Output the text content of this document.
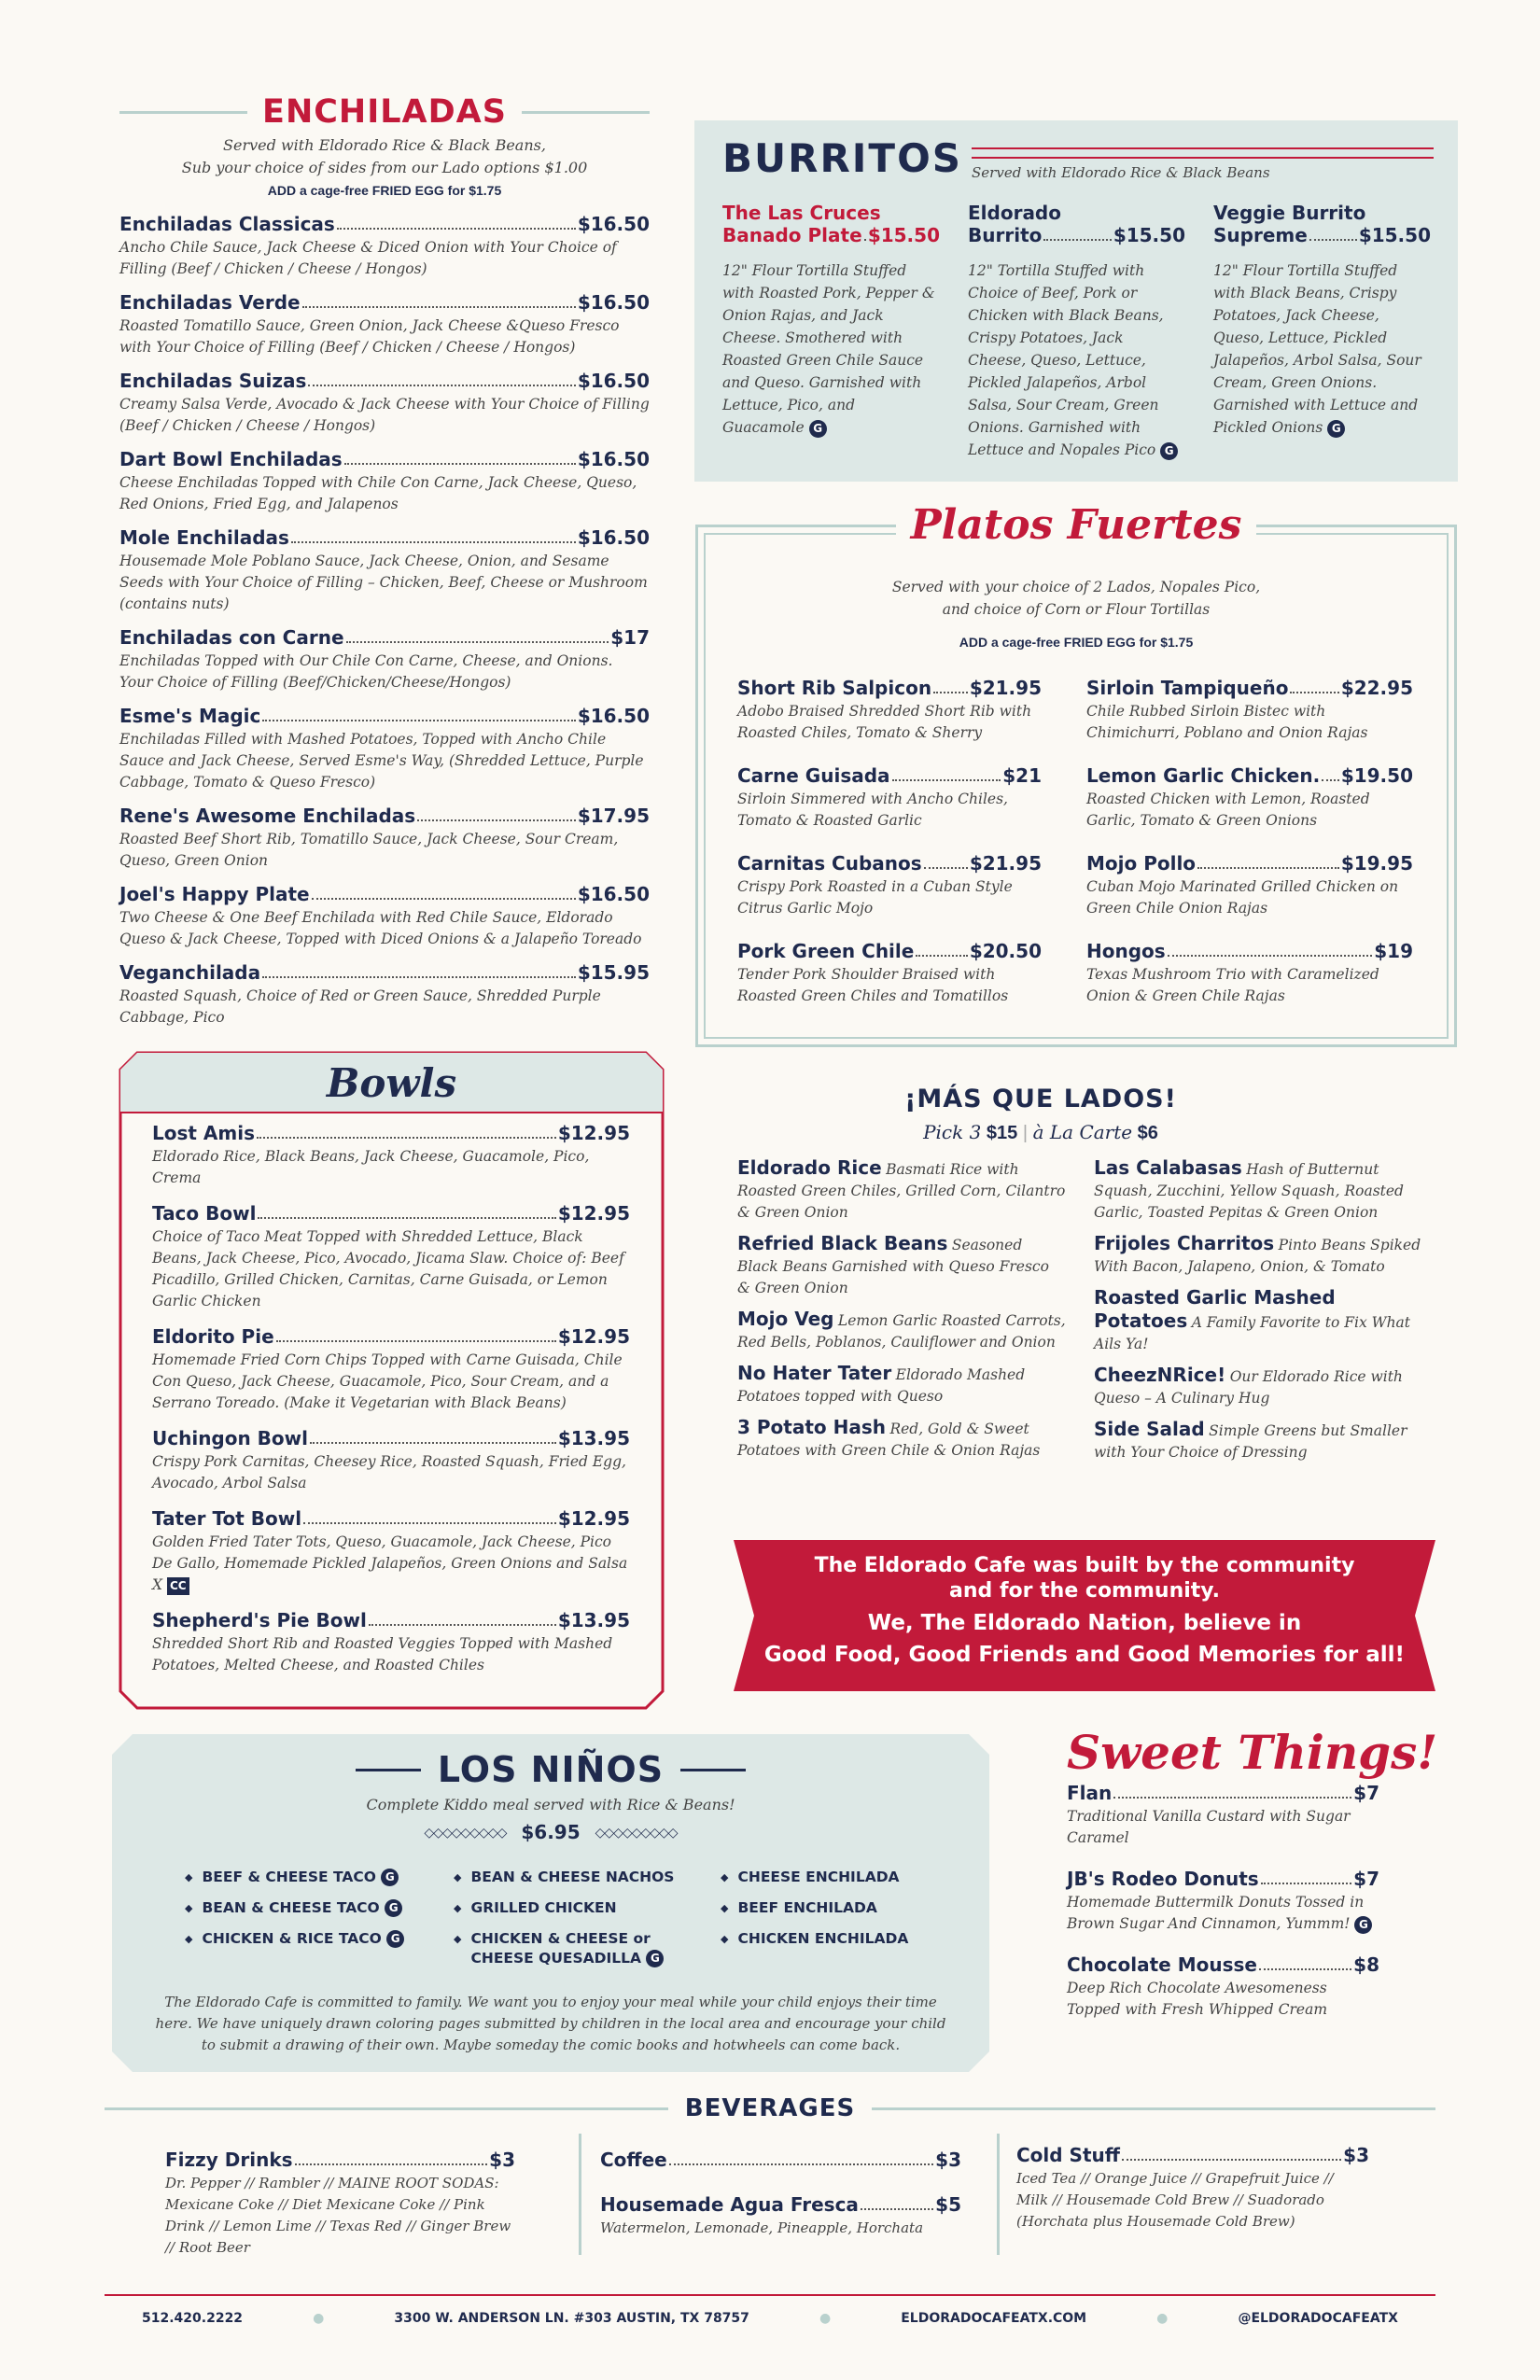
ENCHILADAS
Served with Eldorado Rice & Black Beans,
Sub your choice of sides from our Lado options $1.00
ADD a cage-free FRIED EGG for $1.75
Enchiladas Classicas	$16.50
Ancho Chile Sauce, Jack Cheese & Diced Onion with Your Choice of Filling (Beef / Chicken / Cheese / Hongos)
Enchiladas Verde	$16.50
Roasted Tomatillo Sauce, Green Onion, Jack Cheese &Queso Fresco with Your Choice of Filling (Beef / Chicken / Cheese / Hongos)
Enchiladas Suizas	$16.50
Creamy Salsa Verde, Avocado & Jack Cheese with Your Choice of Filling (Beef / Chicken / Cheese / Hongos)
Dart Bowl Enchiladas	$16.50
Cheese Enchiladas Topped with Chile Con Carne, Jack Cheese, Queso, Red Onions, Fried Egg, and Jalapenos
Mole Enchiladas	$16.50
Housemade Mole Poblano Sauce, Jack Cheese, Onion, and Sesame Seeds with Your Choice of Filling – Chicken, Beef, Cheese or Mushroom (contains nuts)
Enchiladas con Carne	$17
Enchiladas Topped with Our Chile Con Carne, Cheese, and Onions. Your Choice of Filling (Beef/Chicken/Cheese/Hongos)
Esme's Magic	$16.50
Enchiladas Filled with Mashed Potatoes, Topped with Ancho Chile Sauce and Jack Cheese, Served Esme's Way, (Shredded Lettuce, Purple Cabbage, Tomato & Queso Fresco)
Rene's Awesome Enchiladas	$17.95
Roasted Beef Short Rib, Tomatillo Sauce, Jack Cheese, Sour Cream, Queso, Green Onion
Joel's Happy Plate	$16.50
Two Cheese & One Beef Enchilada with Red Chile Sauce, Eldorado Queso & Jack Cheese, Topped with Diced Onions & a Jalapeño Toreado
Veganchilada	$15.95
Roasted Squash, Choice of Red or Green Sauce, Shredded Purple Cabbage, Pico
BURRITOS Served with Eldorado Rice & Black Beans
The Las Cruces
Banado Plate $15.50
12" Flour Tortilla Stuffed with Roasted Pork, Pepper & Onion Rajas, and Jack Cheese. Smothered with Roasted Green Chile Sauce and Queso. Garnished with Lettuce, Pico, and Guacamole G
Eldorado
Burrito	$15.50
12" Tortilla Stuffed with Choice of Beef, Pork or Chicken with Black Beans, Crispy Potatoes, Jack Cheese, Queso, Lettuce, Pickled Jalapeños, Arbol Salsa, Sour Cream, Green Onions. Garnished with Lettuce and Nopales Pico G
Veggie Burrito
Supreme	$15.50
12" Flour Tortilla Stuffed with Black Beans, Crispy Potatoes, Jack Cheese, Queso, Lettuce, Pickled Jalapeños, Arbol Salsa, Sour Cream, Green Onions. Garnished with Lettuce and Pickled Onions G
Platos Fuertes
Served with your choice of 2 Lados, Nopales Pico,
and choice of Corn or Flour Tortillas
ADD a cage-free FRIED EGG for $1.75
Short Rib Salpicon $21.95
Adobo Braised Shredded Short Rib with Roasted Chiles, Tomato & Sherry
Carne Guisada	$21
Sirloin Simmered with Ancho Chiles, Tomato & Roasted Garlic
Carnitas Cubanos	$21.95
Crispy Pork Roasted in a Cuban Style Citrus Garlic Mojo
Pork Green Chile	$20.50
Tender Pork Shoulder Braised with Roasted Green Chiles and Tomatillos
Sirloin Tampiqueño	$22.95
Chile Rubbed Sirloin Bistec with Chimichurri, Poblano and Onion Rajas
Lemon Garlic Chicken. $19.50
Roasted Chicken with Lemon, Roasted Garlic, Tomato & Green Onions
Mojo Pollo	$19.95
Cuban Mojo Marinated Grilled Chicken on Green Chile Onion Rajas
Hongos	$19
Texas Mushroom Trio with Caramelized Onion & Green Chile Rajas
Bowls
Lost Amis	$12.95
Eldorado Rice, Black Beans, Jack Cheese, Guacamole, Pico, Crema
Taco Bowl	$12.95
Choice of Taco Meat Topped with Shredded Lettuce, Black Beans, Jack Cheese, Pico, Avocado, Jicama Slaw. Choice of: Beef Picadillo, Grilled Chicken, Carnitas, Carne Guisada, or Lemon Garlic Chicken
Eldorito Pie	$12.95
Homemade Fried Corn Chips Topped with Carne Guisada, Chile Con Queso, Jack Cheese, Guacamole, Pico, Sour Cream, and a Serrano Toreado. (Make it Vegetarian with Black Beans)
Uchingon Bowl	$13.95
Crispy Pork Carnitas, Cheesey Rice, Roasted Squash, Fried Egg, Avocado, Arbol Salsa
Tater Tot Bowl	$12.95
Golden Fried Tater Tots, Queso, Guacamole, Jack Cheese, Pico De Gallo, Homemade Pickled Jalapeños, Green Onions and Salsa X CC
Shepherd's Pie Bowl	$13.95
Shredded Short Rib and Roasted Veggies Topped with Mashed Potatoes, Melted Cheese, and Roasted Chiles
¡MÁS QUE LADOS!
Pick 3 $15 | à La Carte $6
Eldorado Rice Basmati Rice with Roasted Green Chiles, Grilled Corn, Cilantro & Green Onion
Refried Black Beans Seasoned Black Beans Garnished with Queso Fresco & Green Onion
Mojo Veg Lemon Garlic Roasted Carrots, Red Bells, Poblanos, Cauliflower and Onion
No Hater Tater Eldorado Mashed Potatoes topped with Queso
3 Potato Hash Red, Gold & Sweet Potatoes with Green Chile & Onion Rajas
Las Calabasas Hash of Butternut Squash, Zucchini, Yellow Squash, Roasted Garlic, Toasted Pepitas & Green Onion
Frijoles Charritos Pinto Beans Spiked With Bacon, Jalapeno, Onion, & Tomato
Roasted Garlic Mashed Potatoes A Family Favorite to Fix What Ails Ya!
CheezNRice! Our Eldorado Rice with Queso – A Culinary Hug
Side Salad Simple Greens but Smaller with Your Choice of Dressing
The Eldorado Cafe was built by the community
and for the community.
We, The Eldorado Nation, believe in
Good Food, Good Friends and Good Memories for all!
LOS NIÑOS
Complete Kiddo meal served with Rice & Beans!
◇◇◇◇◇◇◇◇◇ $6.95 ◇◇◇◇◇◇◇◇◇
◆ BEEF & CHEESE TACO G
◆ BEAN & CHEESE TACO G
◆ CHICKEN & RICE TACO G
◆ BEAN & CHEESE NACHOS
◆ GRILLED CHICKEN
◆ CHICKEN & CHEESE or
CHEESE QUESADILLA G
◆ CHEESE ENCHILADA
◆ BEEF ENCHILADA
◆ CHICKEN ENCHILADA
The Eldorado Cafe is committed to family. We want you to enjoy your meal while your child enjoys their time here. We have uniquely drawn coloring pages submitted by children in the local area and encourage your child to submit a drawing of their own. Maybe someday the comic books and hotwheels can come back.
Sweet Things!
Flan	$7
Traditional Vanilla Custard with Sugar Caramel
JB's Rodeo Donuts	$7
Homemade Buttermilk Donuts Tossed in Brown Sugar And Cinnamon, Yummm! G
Chocolate Mousse	$8
Deep Rich Chocolate Awesomeness Topped with Fresh Whipped Cream
BEVERAGES
Fizzy Drinks	$3
Dr. Pepper // Rambler // MAINE ROOT SODAS: Mexicane Coke // Diet Mexicane Coke // Pink Drink // Lemon Lime // Texas Red // Ginger Brew // Root Beer
Coffee	$3
Housemade Agua Fresca	$5
Watermelon, Lemonade, Pineapple, Horchata
Cold Stuff	$3
Iced Tea // Orange Juice // Grapefruit Juice // Milk // Housemade Cold Brew // Suadorado (Horchata plus Housemade Cold Brew)
512.420.2222	●	3300 W. ANDERSON LN. #303 AUSTIN, TX 78757	●	ELDORADOCAFEATX.COM	●	@ELDORADOCAFEATX
